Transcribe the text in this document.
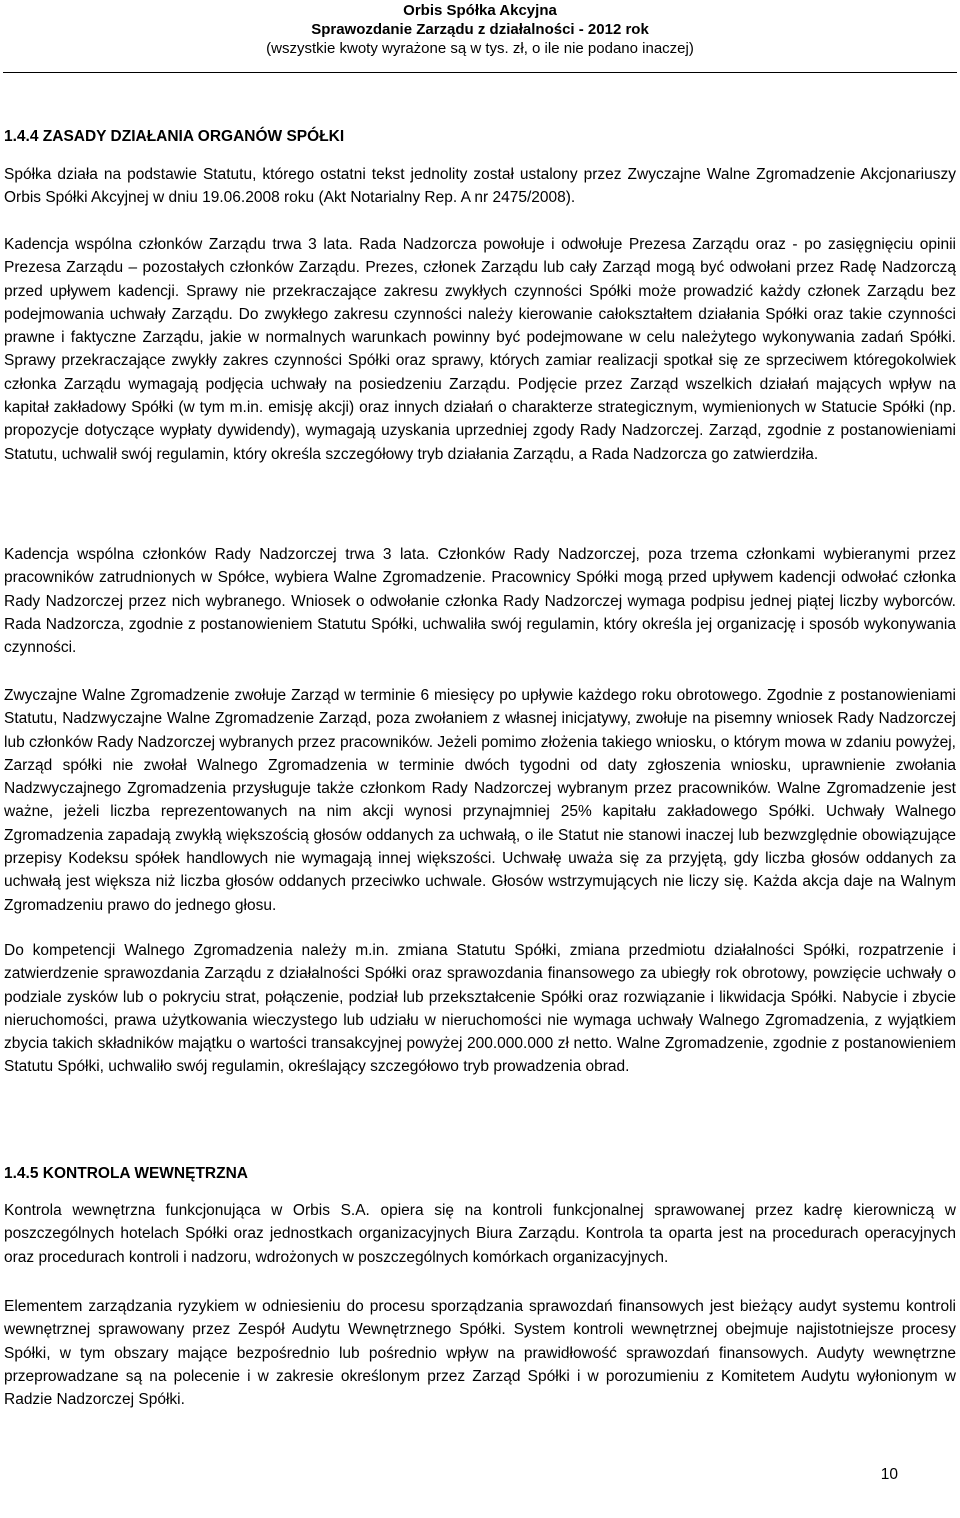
Orbis Spółka Akcyjna
Sprawozdanie Zarządu z działalności - 2012 rok
(wszystkie kwoty wyrażone są w tys. zł, o ile nie podano inaczej)
1.4.4 ZASADY DZIAŁANIA ORGANÓW SPÓŁKI

Spółka działa na podstawie Statutu, którego ostatni tekst jednolity został ustalony przez Zwyczajne Walne Zgromadzenie Akcjonariuszy Orbis Spółki Akcyjnej w dniu 19.06.2008 roku (Akt Notarialny Rep. A nr 2475/2008).

Kadencja wspólna członków Zarządu trwa 3 lata. Rada Nadzorcza powołuje i odwołuje Prezesa Zarządu oraz - po zasięgnięciu opinii Prezesa Zarządu – pozostałych członków Zarządu. Prezes, członek Zarządu lub cały Zarząd mogą być odwołani przez Radę Nadzorczą przed upływem kadencji. Sprawy nie przekraczające zakresu zwykłych czynności Spółki może prowadzić każdy członek Zarządu bez podejmowania uchwały Zarządu. Do zwykłego zakresu czynności należy kierowanie całokształtem działania Spółki oraz takie czynności prawne i faktyczne Zarządu, jakie w normalnych warunkach powinny być podejmowane w celu należytego wykonywania zadań Spółki. Sprawy przekraczające zwykły zakres czynności Spółki oraz sprawy, których zamiar realizacji spotkał się ze sprzeciwem któregokolwiek członka Zarządu wymagają podjęcia uchwały na posiedzeniu Zarządu. Podjęcie przez Zarząd wszelkich działań mających wpływ na kapitał zakładowy Spółki (w tym m.in. emisję akcji) oraz innych działań o charakterze strategicznym, wymienionych w Statucie Spółki (np. propozycje dotyczące wypłaty dywidendy), wymagają uzyskania uprzedniej zgody Rady Nadzorczej. Zarząd, zgodnie z postanowieniami Statutu, uchwalił swój regulamin, który określa szczegółowy tryb działania Zarządu, a Rada Nadzorcza go zatwierdziła.

Kadencja wspólna członków Rady Nadzorczej trwa 3 lata. Członków Rady Nadzorczej, poza trzema członkami wybieranymi przez pracowników zatrudnionych w Spółce, wybiera Walne Zgromadzenie. Pracownicy Spółki mogą przed upływem kadencji odwołać członka Rady Nadzorczej przez nich wybranego. Wniosek o odwołanie członka Rady Nadzorczej wymaga podpisu jednej piątej liczby wyborców. Rada Nadzorcza, zgodnie z postanowieniem Statutu Spółki, uchwaliła swój regulamin, który określa jej organizację i sposób wykonywania czynności.

Zwyczajne Walne Zgromadzenie zwołuje Zarząd w terminie 6 miesięcy po upływie każdego roku obrotowego. Zgodnie z postanowieniami Statutu, Nadzwyczajne Walne Zgromadzenie Zarząd, poza zwołaniem z własnej inicjatywy, zwołuje na pisemny wniosek Rady Nadzorczej lub członków Rady Nadzorczej wybranych przez pracowników. Jeżeli pomimo złożenia takiego wniosku, o którym mowa w zdaniu powyżej, Zarząd spółki nie zwołał Walnego Zgromadzenia w terminie dwóch tygodni od daty zgłoszenia wniosku, uprawnienie zwołania Nadzwyczajnego Zgromadzenia przysługuje także członkom Rady Nadzorczej wybranym przez pracowników. Walne Zgromadzenie jest ważne, jeżeli liczba reprezentowanych na nim akcji wynosi przynajmniej 25% kapitału zakładowego Spółki. Uchwały Walnego Zgromadzenia zapadają zwykłą większością głosów oddanych za uchwałą, o ile Statut nie stanowi inaczej lub bezwzględnie obowiązujące przepisy Kodeksu spółek handlowych nie wymagają innej większości. Uchwałę uważa się za przyjętą, gdy liczba głosów oddanych za uchwałą jest większa niż liczba głosów oddanych przeciwko uchwale. Głosów wstrzymujących nie liczy się. Każda akcja daje na Walnym Zgromadzeniu prawo do jednego głosu.

Do kompetencji Walnego Zgromadzenia należy m.in. zmiana Statutu Spółki, zmiana przedmiotu działalności Spółki, rozpatrzenie i zatwierdzenie sprawozdania Zarządu z działalności Spółki oraz sprawozdania finansowego za ubiegły rok obrotowy, powzięcie uchwały o podziale zysków lub o pokryciu strat, połączenie, podział lub przekształcenie Spółki oraz rozwiązanie i likwidacja Spółki. Nabycie i zbycie nieruchomości, prawa użytkowania wieczystego lub udziału w nieruchomości nie wymaga uchwały Walnego Zgromadzenia, z wyjątkiem zbycia takich składników majątku o wartości transakcyjnej powyżej 200.000.000 zł netto. Walne Zgromadzenie, zgodnie z postanowieniem Statutu Spółki, uchwaliło swój regulamin, określający szczegółowo tryb prowadzenia obrad.

1.4.5 KONTROLA WEWNĘTRZNA

Kontrola wewnętrzna funkcjonująca w Orbis S.A. opiera się na kontroli funkcjonalnej sprawowanej przez kadrę kierowniczą w poszczególnych hotelach Spółki oraz jednostkach organizacyjnych Biura Zarządu. Kontrola ta oparta jest na procedurach operacyjnych oraz procedurach kontroli i nadzoru, wdrożonych w poszczególnych komórkach organizacyjnych.

Elementem zarządzania ryzykiem w odniesieniu do procesu sporządzania sprawozdań finansowych jest bieżący audyt systemu kontroli wewnętrznej sprawowany przez Zespół Audytu Wewnętrznego Spółki. System kontroli wewnętrznej obejmuje najistotniejsze procesy Spółki, w tym obszary mające bezpośrednio lub pośrednio wpływ na prawidłowość sprawozdań finansowych. Audyty wewnętrzne przeprowadzane są na polecenie i w zakresie określonym przez Zarząd Spółki i w porozumieniu z Komitetem Audytu wyłonionym w Radzie Nadzorczej Spółki.

10
